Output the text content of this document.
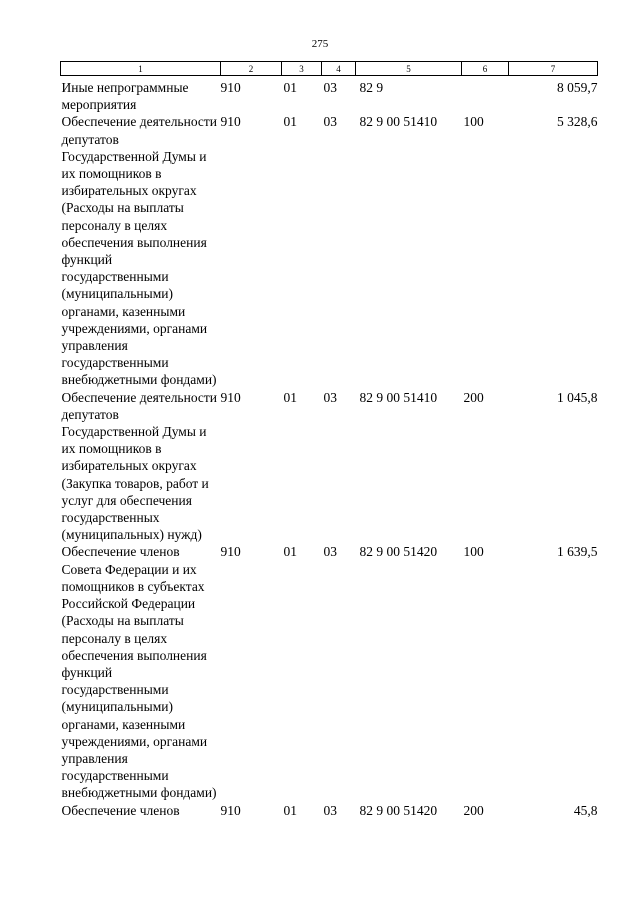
275
1	2	3	4	5	6	7
Иные непрограммные мероприятия	910	01	03	82 9		8 059,7
Обеспечение деятельности депутатов Государственной Думы и их помощников в избирательных округах (Расходы на выплаты персоналу в целях обеспечения выполнения функций государственными (муниципальными) органами, казенными учреждениями, органами управления государственными внебюджетными фондами)	910	01	03	82 9 00 51410	100	5 328,6
Обеспечение деятельности депутатов Государственной Думы и их помощников в избирательных округах (Закупка товаров, работ и услуг для обеспечения государственных (муниципальных) нужд)	910	01	03	82 9 00 51410	200	1 045,8
Обеспечение членов Совета Федерации и их помощников в субъектах Российской Федерации (Расходы на выплаты персоналу в целях обеспечения выполнения функций государственными (муниципальными) органами, казенными учреждениями, органами управления государственными внебюджетными фондами)	910	01	03	82 9 00 51420	100	1 639,5
Обеспечение членов	910	01	03	82 9 00 51420	200	45,8
